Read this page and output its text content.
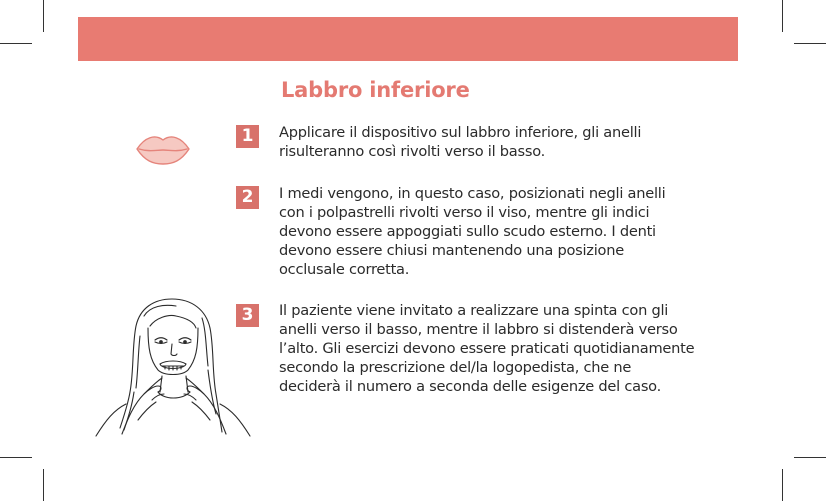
Labbro inferiore
1	Applicare il dispositivo sul labbro inferiore, gli anelli
risulteranno così rivolti verso il basso.
2	I medi vengono, in questo caso, posizionati negli anelli
con i polpastrelli rivolti verso il viso, mentre gli indici
devono essere appoggiati sullo scudo esterno. I denti
devono essere chiusi mantenendo una posizione
occlusale corretta.
3	Il paziente viene invitato a realizzare una spinta con gli
anelli verso il basso, mentre il labbro si distenderà verso
l’alto. Gli esercizi devono essere praticati quotidianamente
secondo la prescrizione del/la logopedista, che ne
deciderà il numero a seconda delle esigenze del caso.
